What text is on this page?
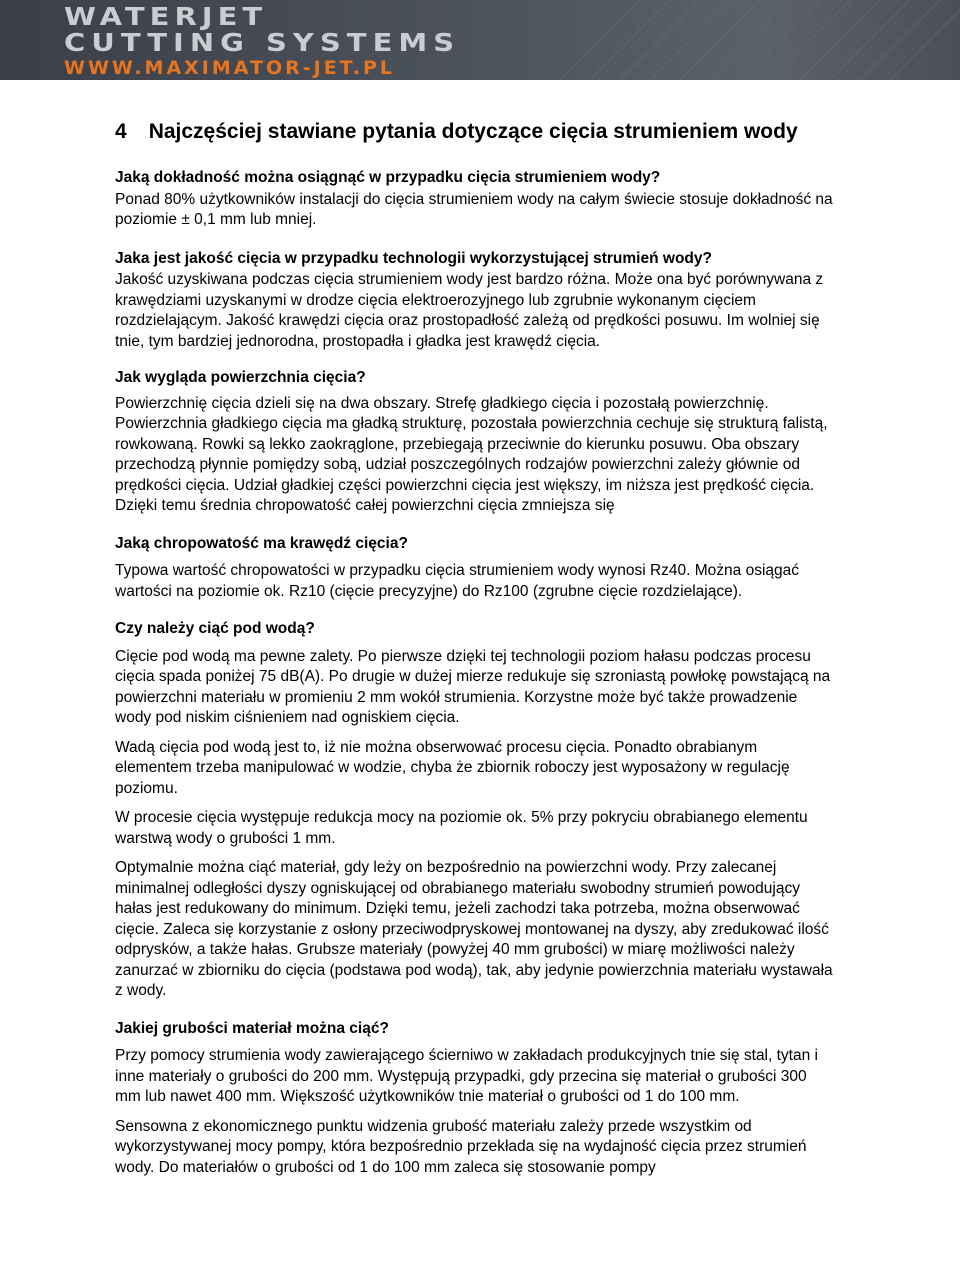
WATERJET
CUTTING SYSTEMS
WWW.MAXIMATOR-JET.PL
4 Najczęściej stawiane pytania dotyczące cięcia strumieniem wody

Jaką dokładność można osiągnąć w przypadku cięcia strumieniem wody?

Ponad 80% użytkowników instalacji do cięcia strumieniem wody na całym świecie stosuje dokładność na poziomie ± 0,1 mm lub mniej.

Jaka jest jakość cięcia w przypadku technologii wykorzystującej strumień wody?

Jakość uzyskiwana podczas cięcia strumieniem wody jest bardzo różna. Może ona być porównywana z krawędziami uzyskanymi w drodze cięcia elektroerozyjnego lub zgrubnie wykonanym cięciem rozdzielającym. Jakość krawędzi cięcia oraz prostopadłość zależą od prędkości posuwu. Im wolniej się tnie, tym bardziej jednorodna, prostopadła i gładka jest krawędź cięcia.

Jak wygląda powierzchnia cięcia?

Powierzchnię cięcia dzieli się na dwa obszary. Strefę gładkiego cięcia i pozostałą powierzchnię. Powierzchnia gładkiego cięcia ma gładką strukturę, pozostała powierzchnia cechuje się strukturą falistą, rowkowaną. Rowki są lekko zaokrąglone, przebiegają przeciwnie do kierunku posuwu. Oba obszary przechodzą płynnie pomiędzy sobą, udział poszczególnych rodzajów powierzchni zależy głównie od prędkości cięcia. Udział gładkiej części powierzchni cięcia jest większy, im niższa jest prędkość cięcia. Dzięki temu średnia chropowatość całej powierzchni cięcia zmniejsza się

Jaką chropowatość ma krawędź cięcia?

Typowa wartość chropowatości w przypadku cięcia strumieniem wody wynosi Rz40. Można osiągać wartości na poziomie ok. Rz10 (cięcie precyzyjne) do Rz100 (zgrubne cięcie rozdzielające).

Czy należy ciąć pod wodą?

Cięcie pod wodą ma pewne zalety. Po pierwsze dzięki tej technologii poziom hałasu podczas procesu cięcia spada poniżej 75 dB(A). Po drugie w dużej mierze redukuje się szroniastą powłokę powstającą na powierzchni materiału w promieniu 2 mm wokół strumienia. Korzystne może być także prowadzenie wody pod niskim ciśnieniem nad ogniskiem cięcia.

Wadą cięcia pod wodą jest to, iż nie można obserwować procesu cięcia. Ponadto obrabianym elementem trzeba manipulować w wodzie, chyba że zbiornik roboczy jest wyposażony w regulację poziomu.

W procesie cięcia występuje redukcja mocy na poziomie ok. 5% przy pokryciu obrabianego elementu warstwą wody o grubości 1 mm.

Optymalnie można ciąć materiał, gdy leży on bezpośrednio na powierzchni wody. Przy zalecanej minimalnej odległości dyszy ogniskującej od obrabianego materiału swobodny strumień powodujący hałas jest redukowany do minimum. Dzięki temu, jeżeli zachodzi taka potrzeba, można obserwować cięcie. Zaleca się korzystanie z osłony przeciwodpryskowej montowanej na dyszy, aby zredukować ilość odprysków, a także hałas. Grubsze materiały (powyżej 40 mm grubości) w miarę możliwości należy zanurzać w zbiorniku do cięcia (podstawa pod wodą), tak, aby jedynie powierzchnia materiału wystawała z wody.

Jakiej grubości materiał można ciąć?

Przy pomocy strumienia wody zawierającego ścierniwo w zakładach produkcyjnych tnie się stal, tytan i inne materiały o grubości do 200 mm. Występują przypadki, gdy przecina się materiał o grubości 300 mm lub nawet 400 mm. Większość użytkowników tnie materiał o grubości od 1 do 100 mm.

Sensowna z ekonomicznego punktu widzenia grubość materiału zależy przede wszystkim od wykorzystywanej mocy pompy, która bezpośrednio przekłada się na wydajność cięcia przez strumień wody. Do materiałów o grubości od 1 do 100 mm zaleca się stosowanie pompy
